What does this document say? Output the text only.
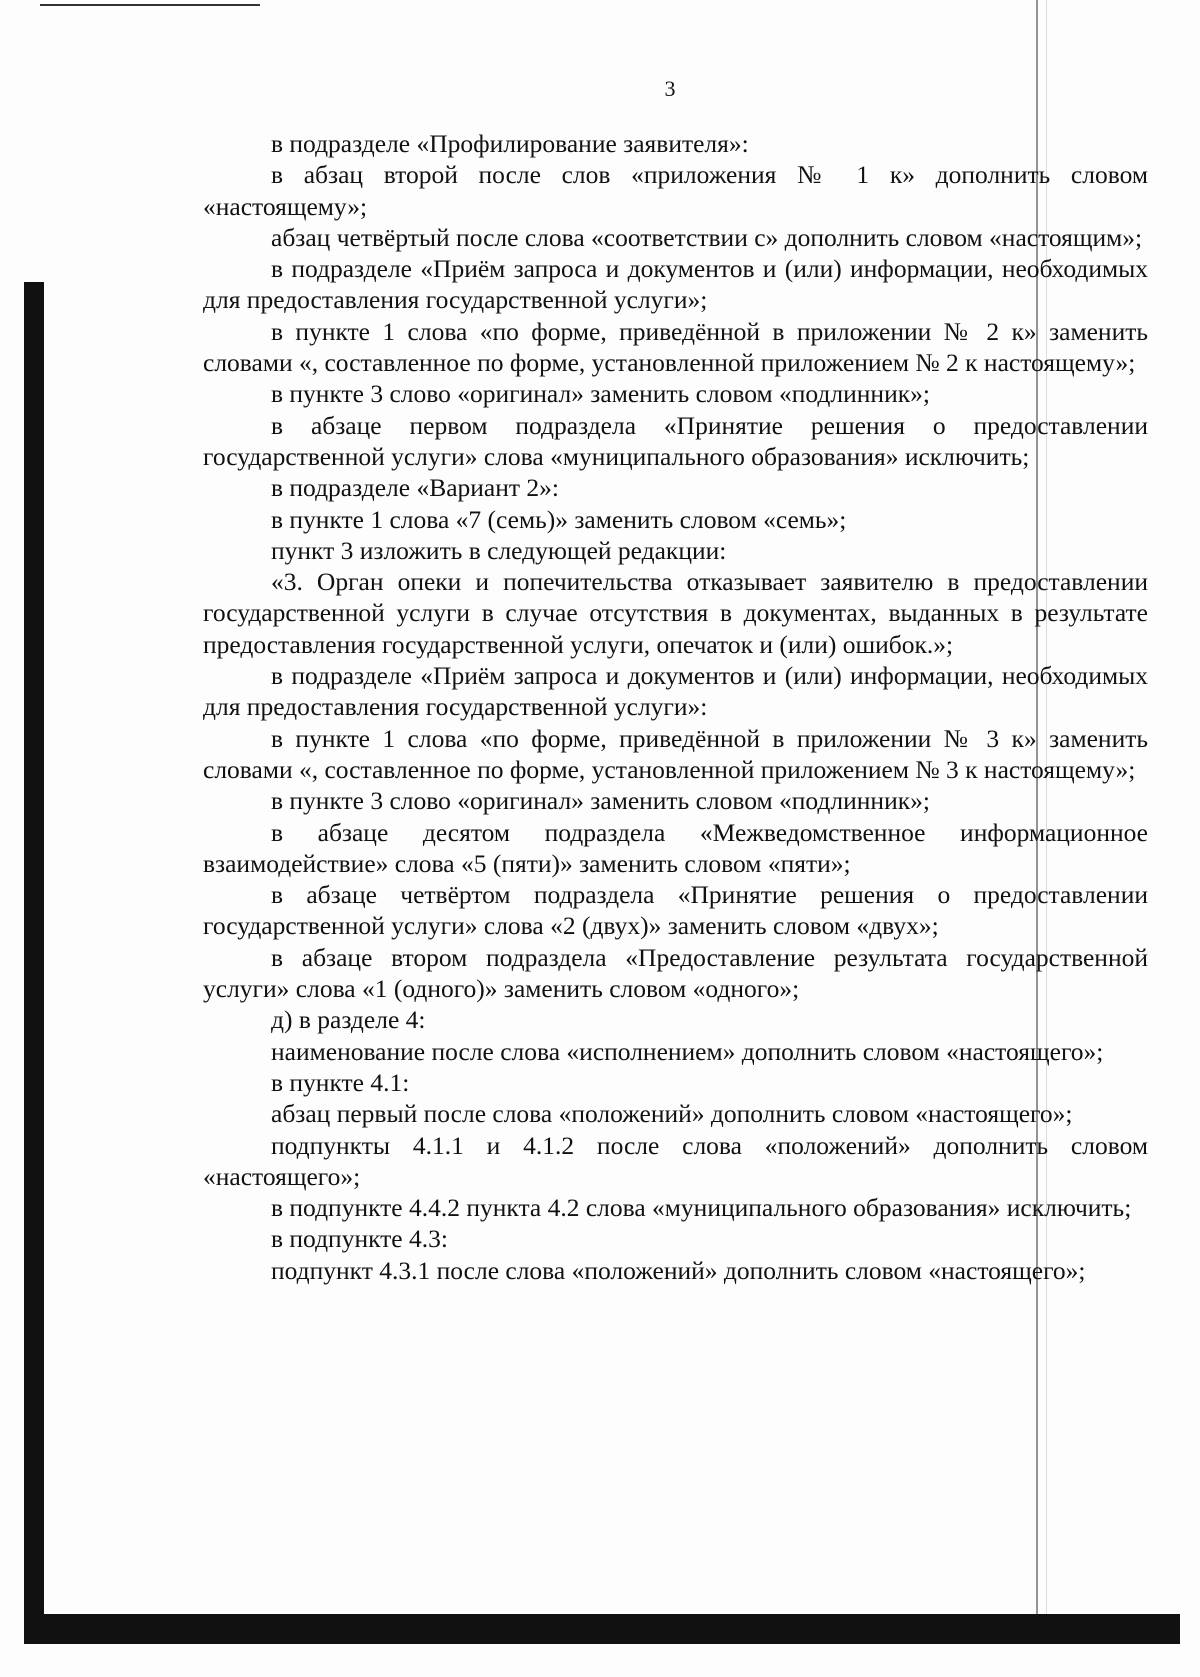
3

в подразделе «Профилирование заявителя»:

в абзац второй после слов «приложения № 1 к» дополнить словом «настоящему»;

абзац четвёртый после слова «соответствии с» дополнить словом «настоящим»;

в подразделе «Приём запроса и документов и (или) информации, необходимых для предоставления государственной услуги»;

в пункте 1 слова «по форме, приведённой в приложении № 2 к» заменить словами «, составленное по форме, установленной приложением № 2 к настоящему»;

в пункте 3 слово «оригинал» заменить словом «подлинник»;

в абзаце первом подраздела «Принятие решения о предоставлении государственной услуги» слова «муниципального образования» исключить;

в подразделе «Вариант 2»:

в пункте 1 слова «7 (семь)» заменить словом «семь»;

пункт 3 изложить в следующей редакции:

«3. Орган опеки и попечительства отказывает заявителю в предоставлении государственной услуги в случае отсутствия в документах, выданных в результате предоставления государственной услуги, опечаток и (или) ошибок.»;

в подразделе «Приём запроса и документов и (или) информации, необходимых для предоставления государственной услуги»:

в пункте 1 слова «по форме, приведённой в приложении № 3 к» заменить словами «, составленное по форме, установленной приложением № 3 к настоящему»;

в пункте 3 слово «оригинал» заменить словом «подлинник»;

в абзаце десятом подраздела «Межведомственное информационное взаимодействие» слова «5 (пяти)» заменить словом «пяти»;

в абзаце четвёртом подраздела «Принятие решения о предоставлении государственной услуги» слова «2 (двух)» заменить словом «двух»;

в абзаце втором подраздела «Предоставление результата государственной услуги» слова «1 (одного)» заменить словом «одного»;

д) в разделе 4:

наименование после слова «исполнением» дополнить словом «настоящего»;

в пункте 4.1:

абзац первый после слова «положений» дополнить словом «настоящего»;

подпункты 4.1.1 и 4.1.2 после слова «положений» дополнить словом «настоящего»;

в подпункте 4.4.2 пункта 4.2 слова «муниципального образования» исключить;

в подпункте 4.3:

подпункт 4.3.1 после слова «положений» дополнить словом «настоящего»;
